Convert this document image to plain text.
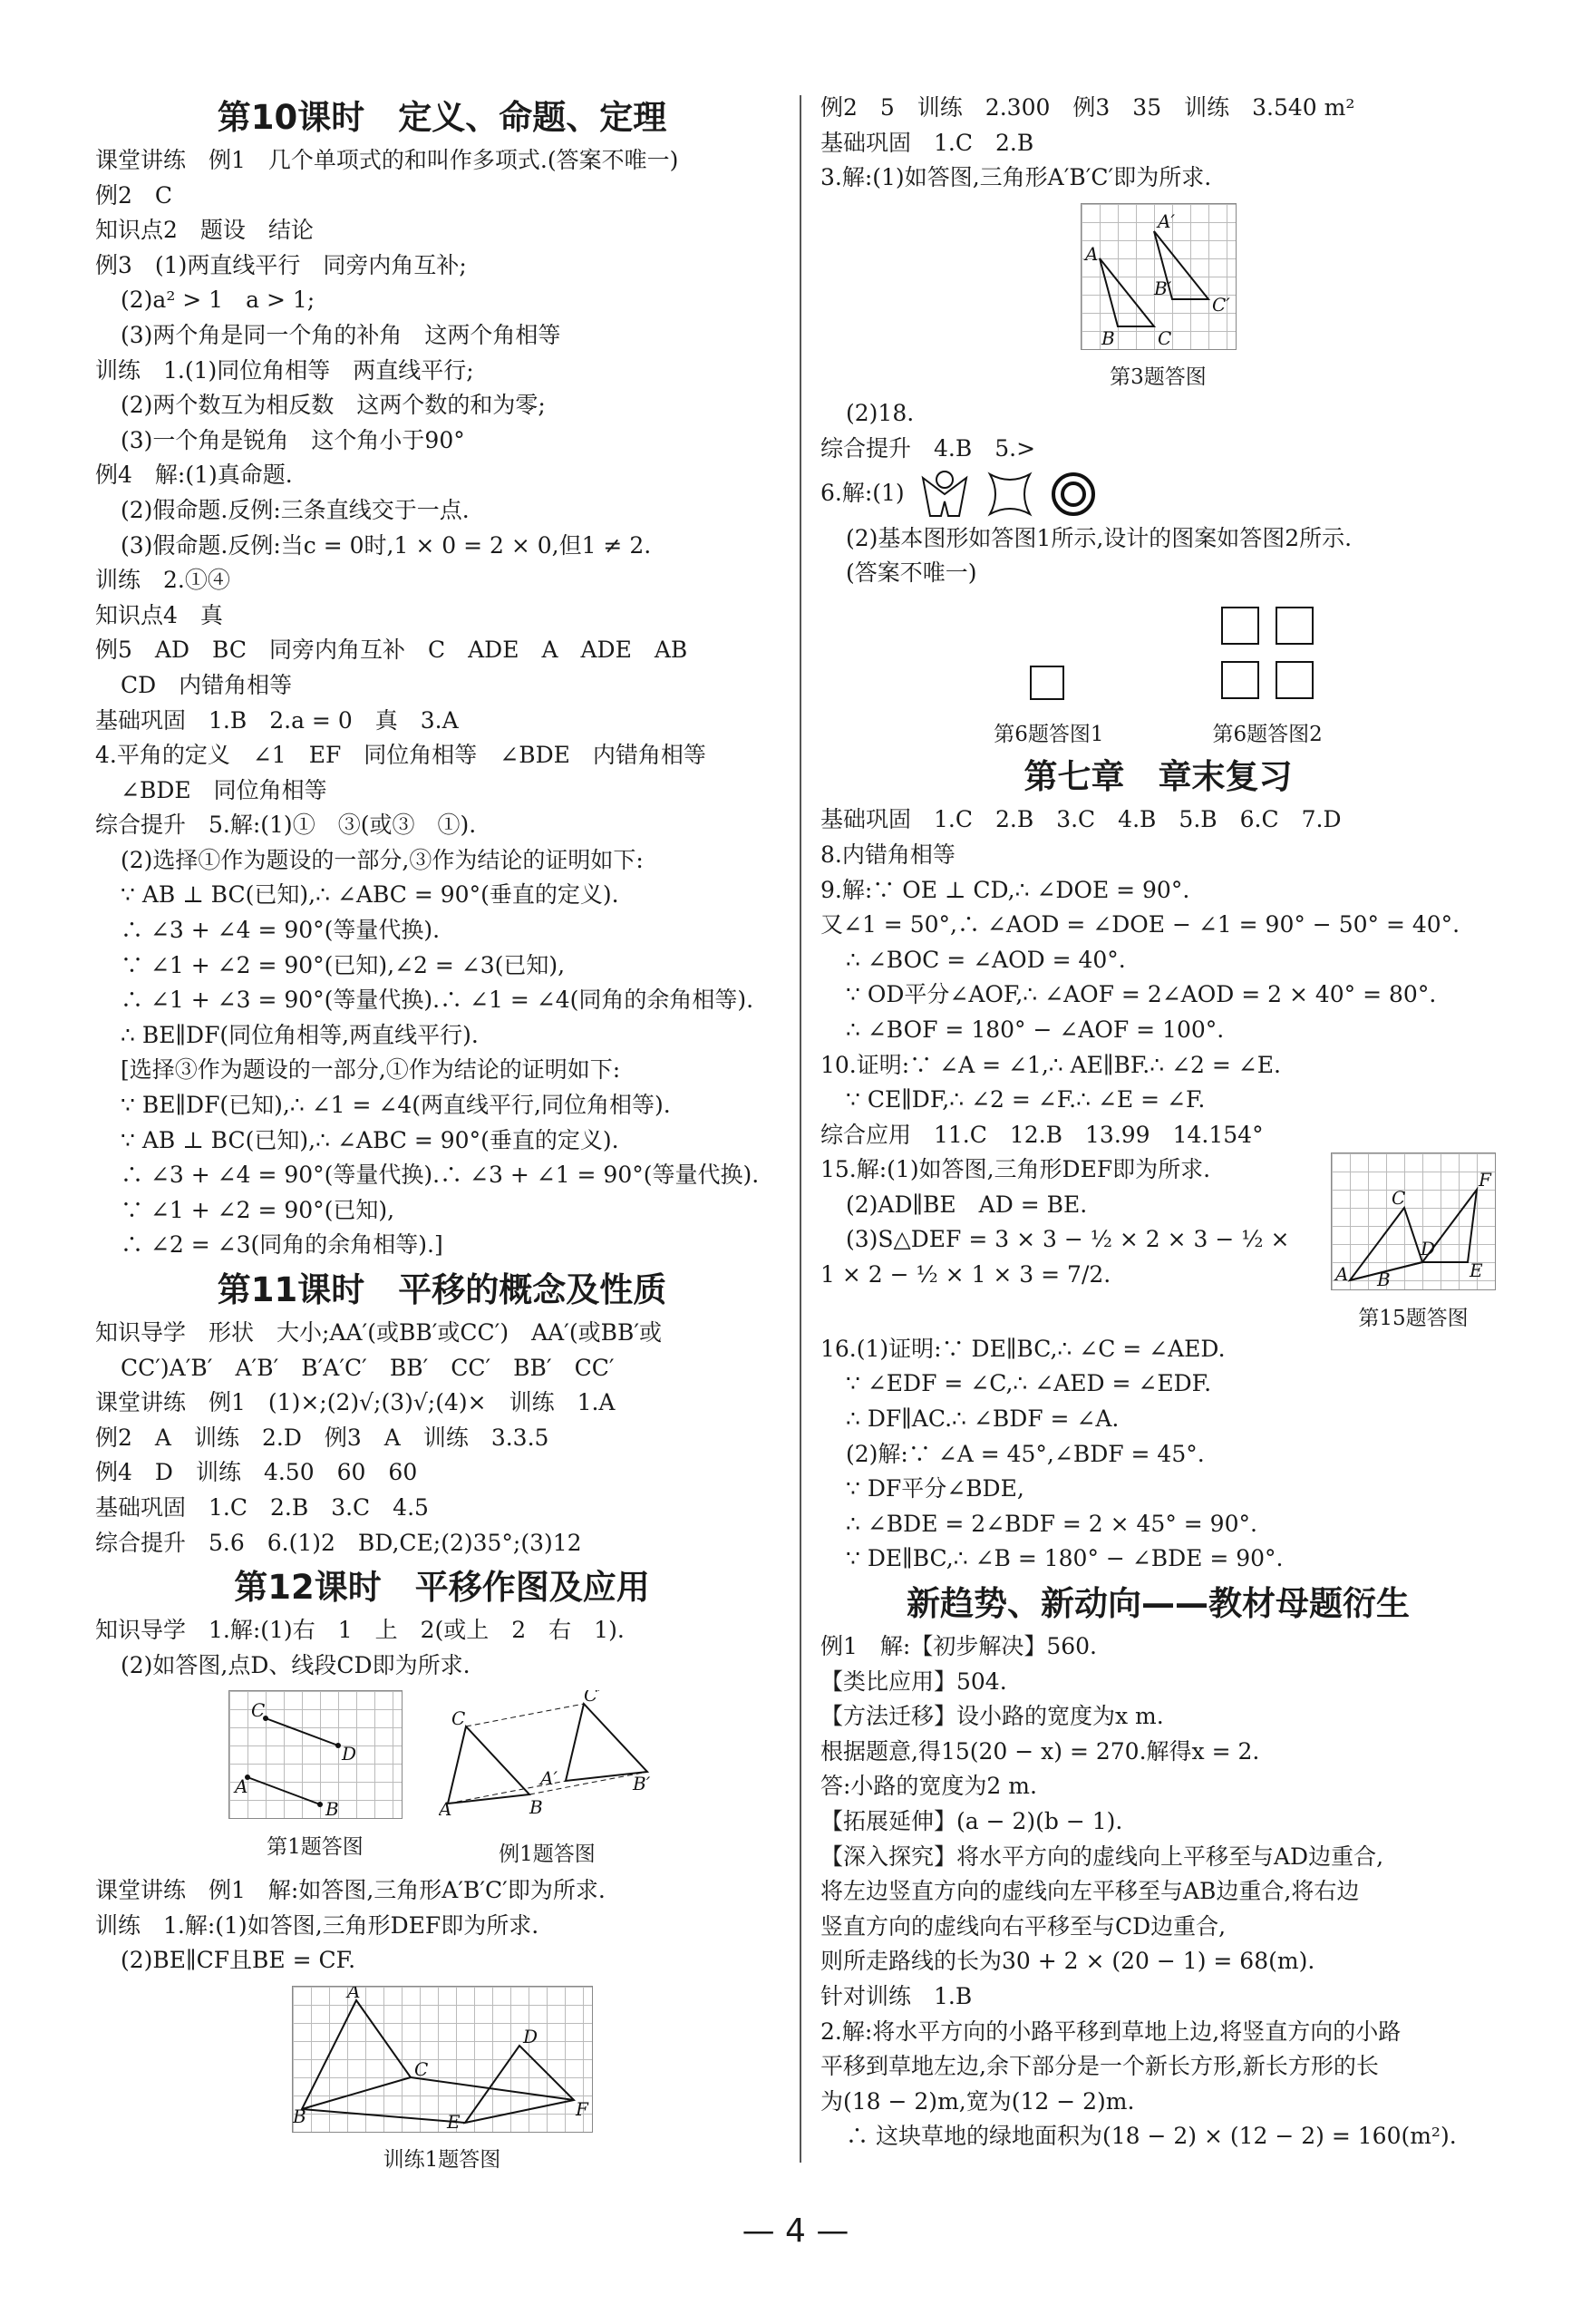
第10课时　定义、命题、定理
课堂讲练　例1　几个单项式的和叫作多项式.(答案不唯一)
例2　C
知识点2　题设　结论
例3　(1)两直线平行　同旁内角互补;
(2)a² > 1　a > 1;
(3)两个角是同一个角的补角　这两个角相等
训练　1.(1)同位角相等　两直线平行;
(2)两个数互为相反数　这两个数的和为零;
(3)一个角是锐角　这个角小于90°
例4　解:(1)真命题.
(2)假命题.反例:三条直线交于一点.
(3)假命题.反例:当c = 0时,1 × 0 = 2 × 0,但1 ≠ 2.
训练　2.①④
知识点4　真
例5　AD　BC　同旁内角互补　C　ADE　A　ADE　AB
CD　内错角相等
基础巩固　1.B　2.a = 0　真　3.A
4.平角的定义　∠1　EF　同位角相等　∠BDE　内错角相等
∠BDE　同位角相等
综合提升　5.解:(1)①　③(或③　①).
(2)选择①作为题设的一部分,③作为结论的证明如下:
∵ AB ⊥ BC(已知),∴ ∠ABC = 90°(垂直的定义).
∴ ∠3 + ∠4 = 90°(等量代换).
∵ ∠1 + ∠2 = 90°(已知),∠2 = ∠3(已知),
∴ ∠1 + ∠3 = 90°(等量代换).∴ ∠1 = ∠4(同角的余角相等).
∴ BE∥DF(同位角相等,两直线平行).
[选择③作为题设的一部分,①作为结论的证明如下:
∵ BE∥DF(已知),∴ ∠1 = ∠4(两直线平行,同位角相等).
∵ AB ⊥ BC(已知),∴ ∠ABC = 90°(垂直的定义).
∴ ∠3 + ∠4 = 90°(等量代换).∴ ∠3 + ∠1 = 90°(等量代换).
∵ ∠1 + ∠2 = 90°(已知),
∴ ∠2 = ∠3(同角的余角相等).]
第11课时　平移的概念及性质
知识导学　形状　大小;AA′(或BB′或CC′)　AA′(或BB′或
CC′)A′B′　A′B′　B′A′C′　BB′　CC′　BB′　CC′
课堂讲练　例1　(1)×;(2)√;(3)√;(4)×　训练　1.A
例2　A　训练　2.D　例3　A　训练　3.3.5
例4　D　训练　4.50　60　60
基础巩固　1.C　2.B　3.C　4.5
综合提升　5.6　6.(1)2　BD,CE;(2)35°;(3)12
第12课时　平移作图及应用
知识导学　1.解:(1)右　1　上　2(或上　2　右　1).
(2)如答图,点D、线段CD即为所求.
C
D
A
B
第1题答图
C
A	B
C′
A′	B′
例1题答图
课堂讲练　例1　解:如答图,三角形A′B′C′即为所求.
训练　1.解:(1)如答图,三角形DEF即为所求.
(2)BE∥CF且BE = CF.
A
B
C
D
E
F
训练1题答图
例2　5　训练　2.300　例3　35　训练　3.540 m²
基础巩固　1.C　2.B
3.解:(1)如答图,三角形A′B′C′即为所求.
A
B C
A′
B′
C′
第3题答图
(2)18.
综合提升　4.B　5.>
6.解:(1)
(2)基本图形如答图1所示,设计的图案如答图2所示.
(答案不唯一)
第6题答图1	第6题答图2
第七章　章末复习
基础巩固　1.C　2.B　3.C　4.B　5.B　6.C　7.D
8.内错角相等
9.解:∵ OE ⊥ CD,∴ ∠DOE = 90°.
又∠1 = 50°,∴ ∠AOD = ∠DOE − ∠1 = 90° − 50° = 40°.
∴ ∠BOC = ∠AOD = 40°.
∵ OD平分∠AOF,∴ ∠AOF = 2∠AOD = 2 × 40° = 80°.
∴ ∠BOF = 180° − ∠AOF = 100°.
10.证明:∵ ∠A = ∠1,∴ AE∥BF.∴ ∠2 = ∠E.
∵ CE∥DF,∴ ∠2 = ∠F.∴ ∠E = ∠F.
综合应用　11.C　12.B　13.99　14.154°
15.解:(1)如答图,三角形DEF即为所求.
(2)AD∥BE　AD = BE.
(3)S△DEF = 3 × 3 − ½ × 2 × 3 − ½ ×
1 × 2 − ½ × 1 × 3 = 7/2.
C
A B
D
F
E
第15题答图
16.(1)证明:∵ DE∥BC,∴ ∠C = ∠AED.
∵ ∠EDF = ∠C,∴ ∠AED = ∠EDF.
∴ DF∥AC.∴ ∠BDF = ∠A.
(2)解:∵ ∠A = 45°,∠BDF = 45°.
∵ DF平分∠BDE,
∴ ∠BDE = 2∠BDF = 2 × 45° = 90°.
∵ DE∥BC,∴ ∠B = 180° − ∠BDE = 90°.
新趋势、新动向——教材母题衍生
例1　解:【初步解决】560.
【类比应用】504.
【方法迁移】设小路的宽度为x m.
根据题意,得15(20 − x) = 270.解得x = 2.
答:小路的宽度为2 m.
【拓展延伸】(a − 2)(b − 1).
【深入探究】将水平方向的虚线向上平移至与AD边重合,
将左边竖直方向的虚线向左平移至与AB边重合,将右边
竖直方向的虚线向右平移至与CD边重合,
则所走路线的长为30 + 2 × (20 − 1) = 68(m).
针对训练　1.B
2.解:将水平方向的小路平移到草地上边,将竖直方向的小路
平移到草地左边,余下部分是一个新长方形,新长方形的长
为(18 − 2)m,宽为(12 − 2)m.
∴ 这块草地的绿地面积为(18 − 2) × (12 − 2) = 160(m²).
— 4 —
